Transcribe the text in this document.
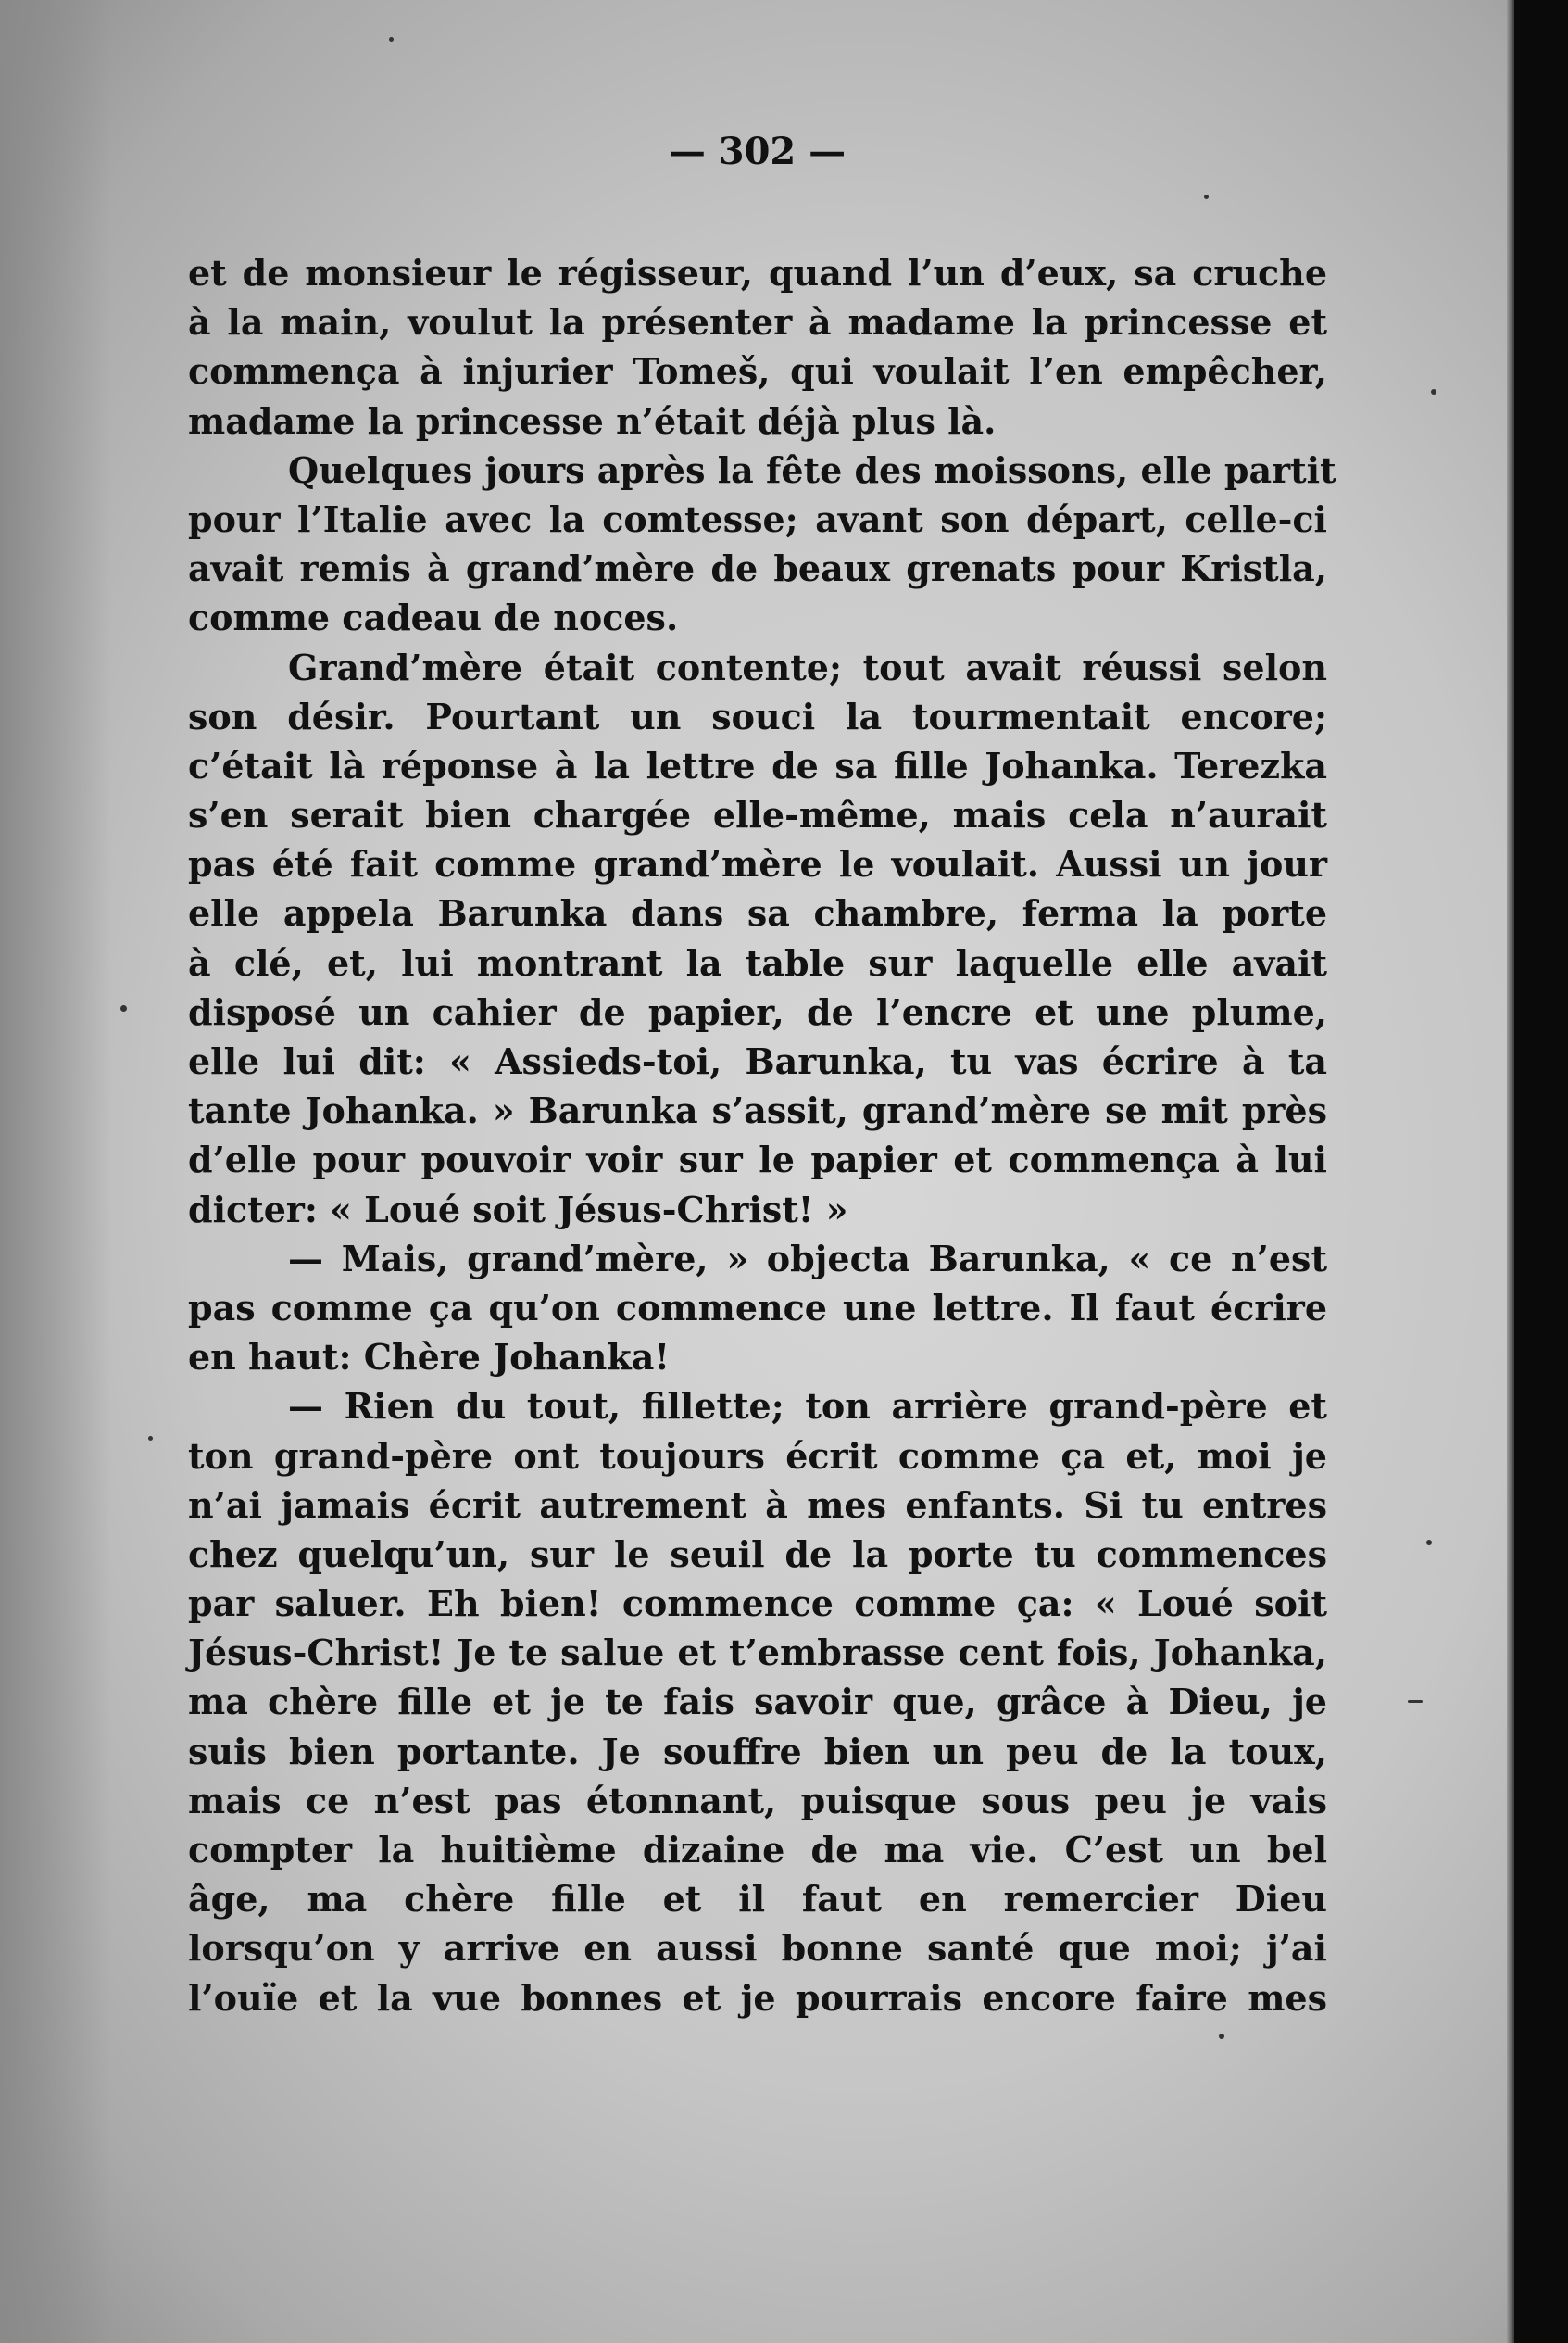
— 302 —
et de monsieur le régisseur, quand l’un d’eux, sa cruche
à la main, voulut la présenter à madame la princesse et
commença à injurier Tomeš, qui voulait l’en empêcher,
madame la princesse n’était déjà plus là.
Quelques jours après la fête des moissons, elle partit
pour l’Italie avec la comtesse; avant son départ, celle-ci
avait remis à grand’mère de beaux grenats pour Kristla,
comme cadeau de noces.
Grand’mère était contente; tout avait réussi selon
son désir. Pourtant un souci la tourmentait encore;
c’était là réponse à la lettre de sa fille Johanka. Terezka
s’en serait bien chargée elle-même, mais cela n’aurait
pas été fait comme grand’mère le voulait. Aussi un jour
elle appela Barunka dans sa chambre, ferma la porte
à clé, et, lui montrant la table sur laquelle elle avait
disposé un cahier de papier, de l’encre et une plume,
elle lui dit: « Assieds-toi, Barunka, tu vas écrire à ta
tante Johanka. » Barunka s’assit, grand’mère se mit près
d’elle pour pouvoir voir sur le papier et commença à lui
dicter: « Loué soit Jésus-Christ! »
— Mais, grand’mère, » objecta Barunka, « ce n’est
pas comme ça qu’on commence une lettre. Il faut écrire
en haut: Chère Johanka!
— Rien du tout, fillette; ton arrière grand-père et
ton grand-père ont toujours écrit comme ça et, moi je
n’ai jamais écrit autrement à mes enfants. Si tu entres
chez quelqu’un, sur le seuil de la porte tu commences
par saluer. Eh bien! commence comme ça: « Loué soit
Jésus-Christ! Je te salue et t’embrasse cent fois, Johanka,
ma chère fille et je te fais savoir que, grâce à Dieu, je
suis bien portante. Je souffre bien un peu de la toux,
mais ce n’est pas étonnant, puisque sous peu je vais
compter la huitième dizaine de ma vie. C’est un bel
âge, ma chère fille et il faut en remercier Dieu
lorsqu’on y arrive en aussi bonne santé que moi; j’ai
l’ouïe et la vue bonnes et je pourrais encore faire mes
